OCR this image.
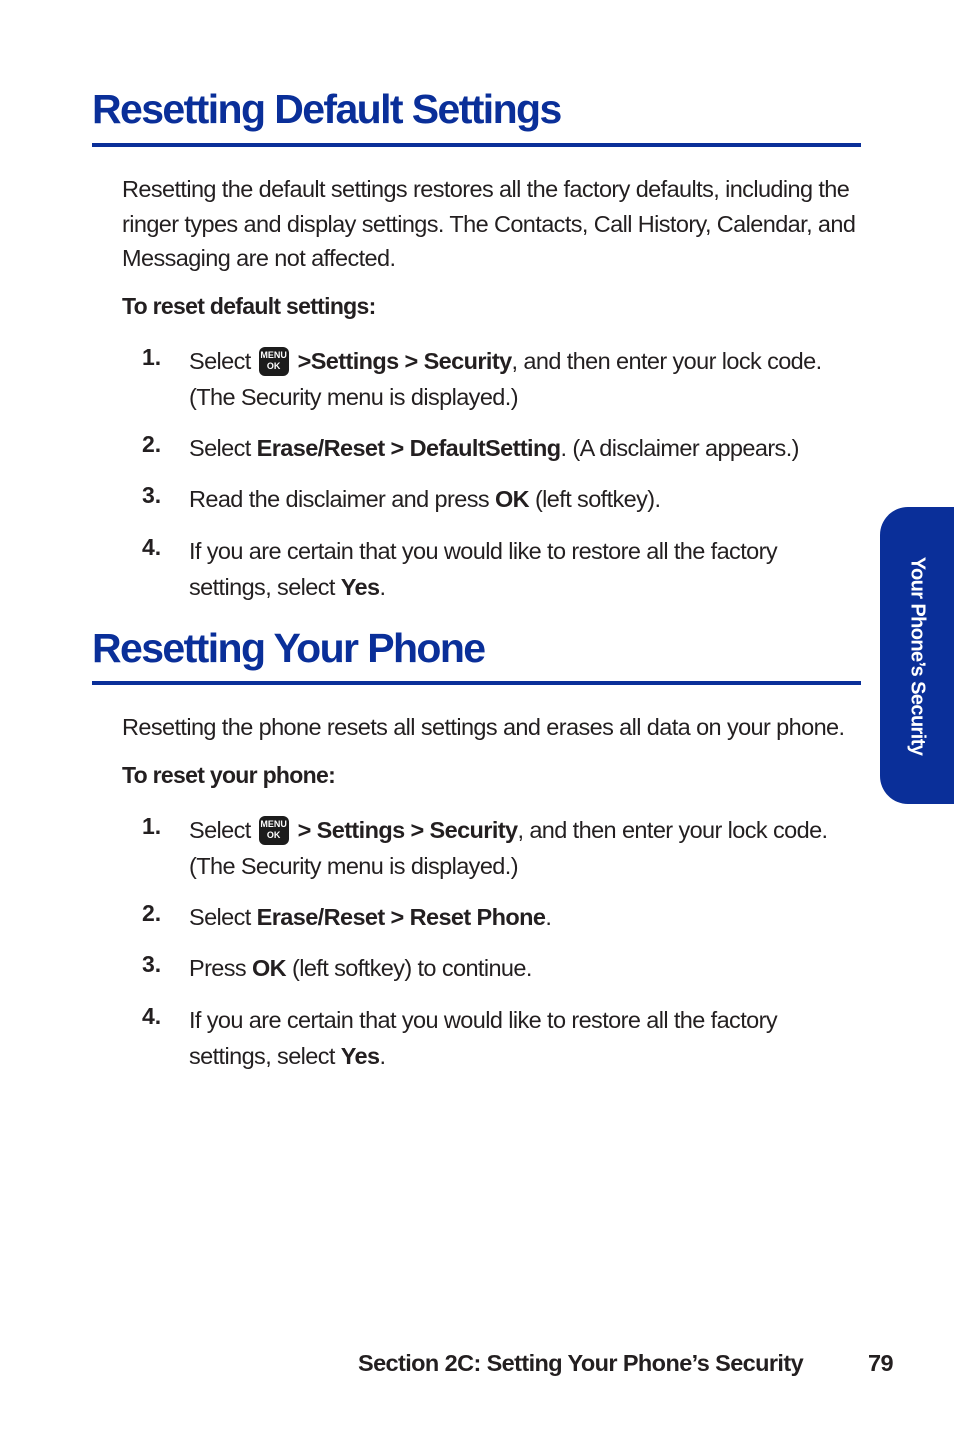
Resetting Default Settings
Resetting the default settings restores all the factory defaults, including the ringer types and display settings. The Contacts, Call History, Calendar, and Messaging are not affected.
To reset default settings:
1.	Select MENU
OK >Settings > Security, and then enter your lock code. (The Security menu is displayed.)
2.	Select Erase/Reset > DefaultSetting. (A disclaimer appears.)
3.	Read the disclaimer and press OK (left softkey).
4.	If you are certain that you would like to restore all the factory settings, select Yes.
Resetting Your Phone
Resetting the phone resets all settings and erases all data on your phone.
To reset your phone:
1.	Select MENU
OK > Settings > Security, and then enter your lock code. (The Security menu is displayed.)
2.	Select Erase/Reset > Reset Phone.
3.	Press OK (left softkey) to continue.
4.	If you are certain that you would like to restore all the factory settings, select Yes.
Your Phone’s Security
Section 2C: Setting Your Phone’s Security	79
